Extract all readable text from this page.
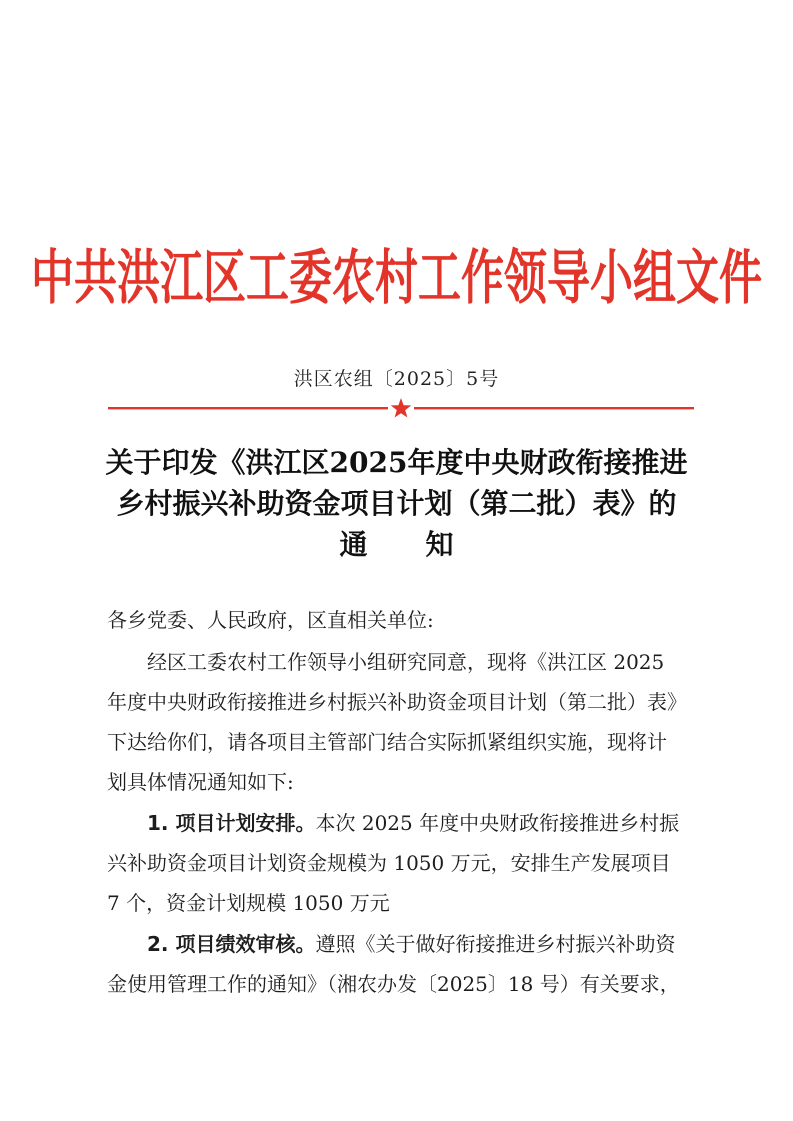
中共洪江区工委农村工作领导小组文件
洪区农组〔2025〕5号
关于印发《洪江区2025年度中央财政衔接推进
乡村振兴补助资金项目计划（第二批）表》的
通知
各乡党委、人民政府，区直相关单位:
经区工委农村工作领导小组研究同意，现将《洪江区 2025
年度中央财政衔接推进乡村振兴补助资金项目计划（第二批）表》
下达给你们，请各项目主管部门结合实际抓紧组织实施，现将计
划具体情况通知如下:
1. 项目计划安排。本次 2025 年度中央财政衔接推进乡村振
兴补助资金项目计划资金规模为 1050 万元，安排生产发展项目
7 个，资金计划规模 1050 万元
2. 项目绩效审核。遵照《关于做好衔接推进乡村振兴补助资
金使用管理工作的通知》（湘农办发〔2025〕18 号）有关要求，
